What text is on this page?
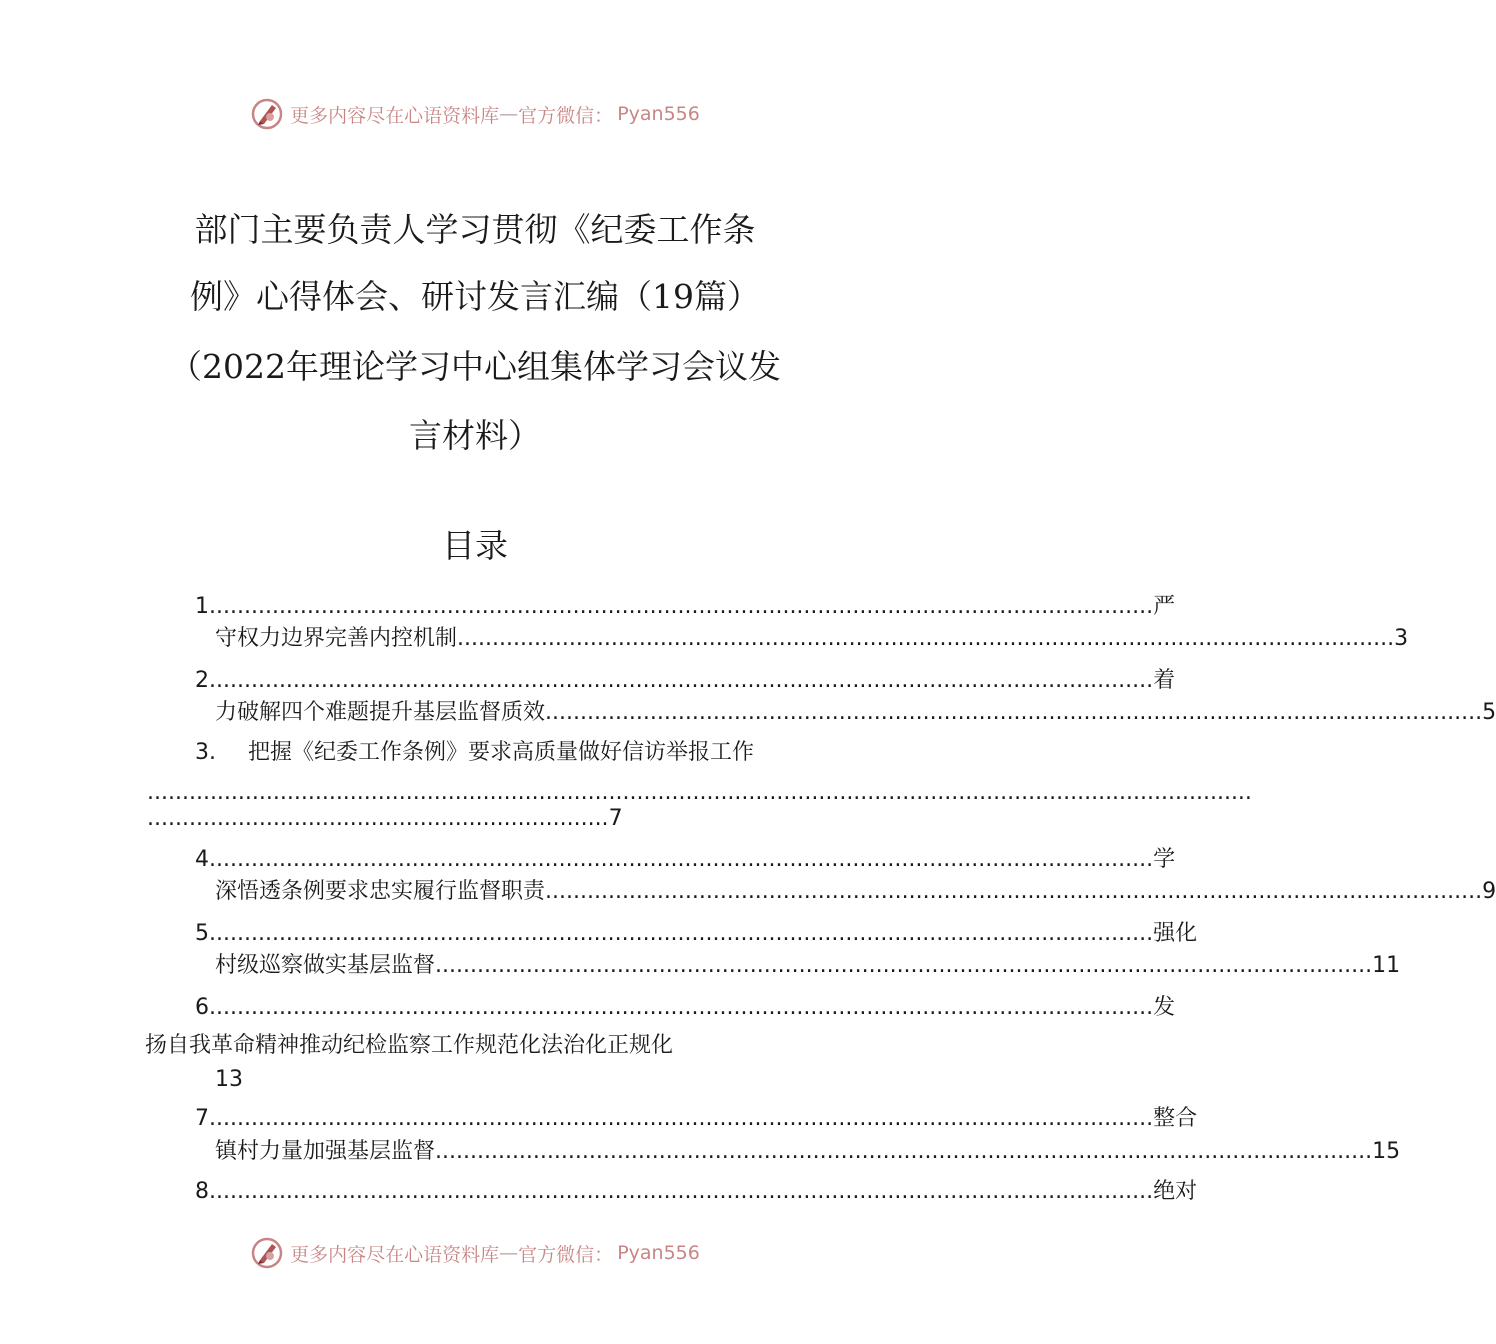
更多内容尽在心语资料库 — 官方微信： Pyan556
部门主要负责人学习贯彻《纪委工作条
例》心得体会、研讨发言汇编（19篇）
（2022年理论学习中心组集体学习会议发
言材料）
目录
1. ...................................................................................................................................... 严
守权力边界完善内控机制 ...................................................................................................................................... 3
2. ...................................................................................................................................... 着
力破解四个难题提升基层监督质效 ...................................................................................................................................... 5
3. 把握《纪委工作条例》要求高质量做好信访举报工作
..............................................................................................................................................................
.................................................................. 7
4. ...................................................................................................................................... 学
深悟透条例要求忠实履行监督职责 ...................................................................................................................................... 9
5. ...................................................................................................................................... 强化
村级巡察做实基层监督 ...................................................................................................................................... 11
6. ...................................................................................................................................... 发
扬自我革命精神推动纪检监察工作规范化法治化正规化
13
7. ...................................................................................................................................... 整合
镇村力量加强基层监督 ...................................................................................................................................... 15
8. ...................................................................................................................................... 绝对
更多内容尽在心语资料库 — 官方微信： Pyan556
